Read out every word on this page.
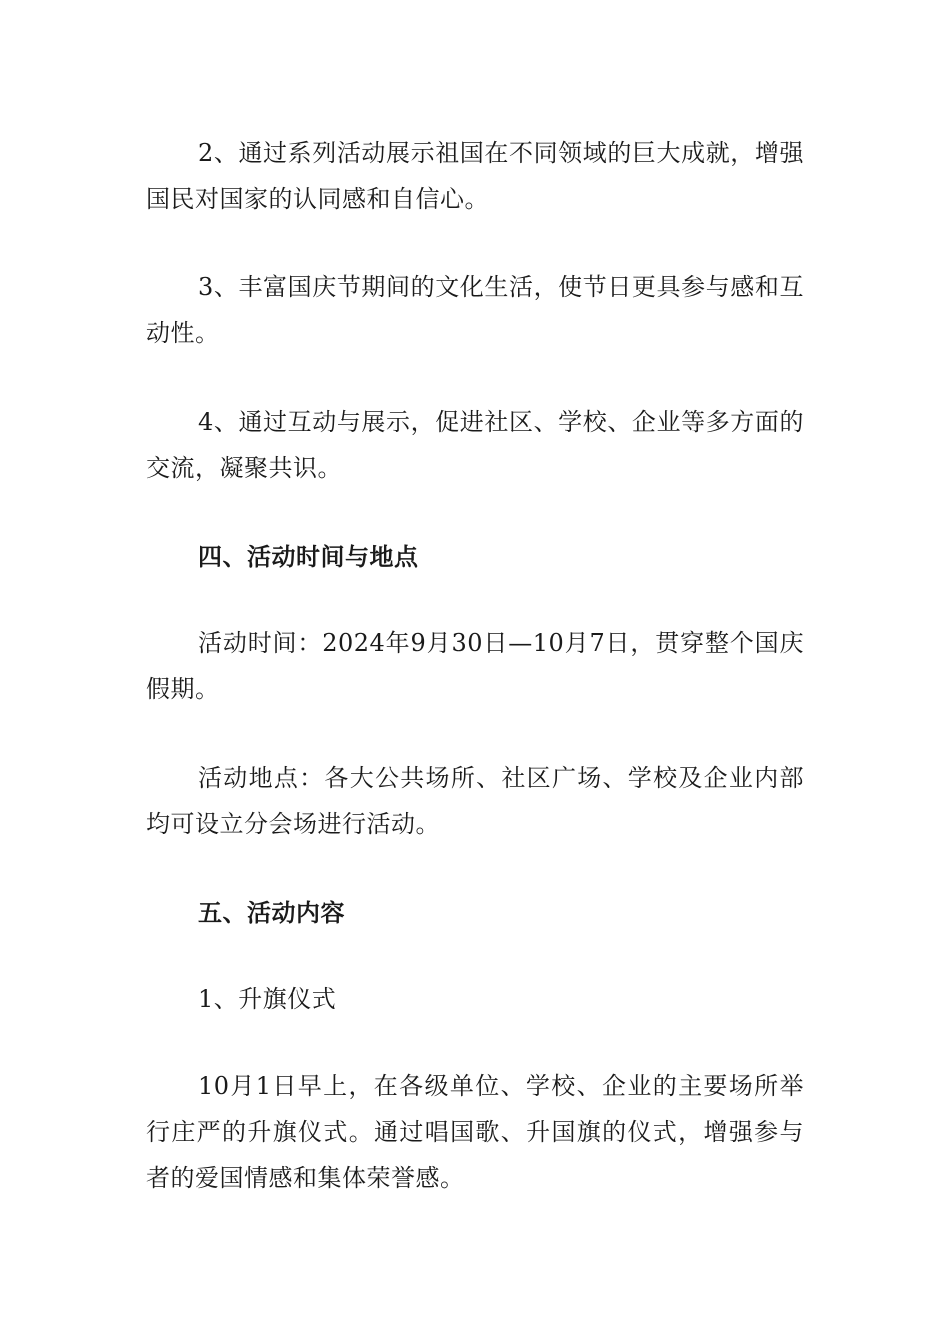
2、通过系列活动展示祖国在不同领域的巨大成就，增强国民对国家的认同感和自信心。

3、丰富国庆节期间的文化生活，使节日更具参与感和互动性。

4、通过互动与展示，促进社区、学校、企业等多方面的交流，凝聚共识。

四、活动时间与地点

活动时间：2024年9月30日—10月7日，贯穿整个国庆假期。

活动地点：各大公共场所、社区广场、学校及企业内部均可设立分会场进行活动。

五、活动内容

1、升旗仪式

10月1日早上，在各级单位、学校、企业的主要场所举行庄严的升旗仪式。通过唱国歌、升国旗的仪式，增强参与者的爱国情感和集体荣誉感。
